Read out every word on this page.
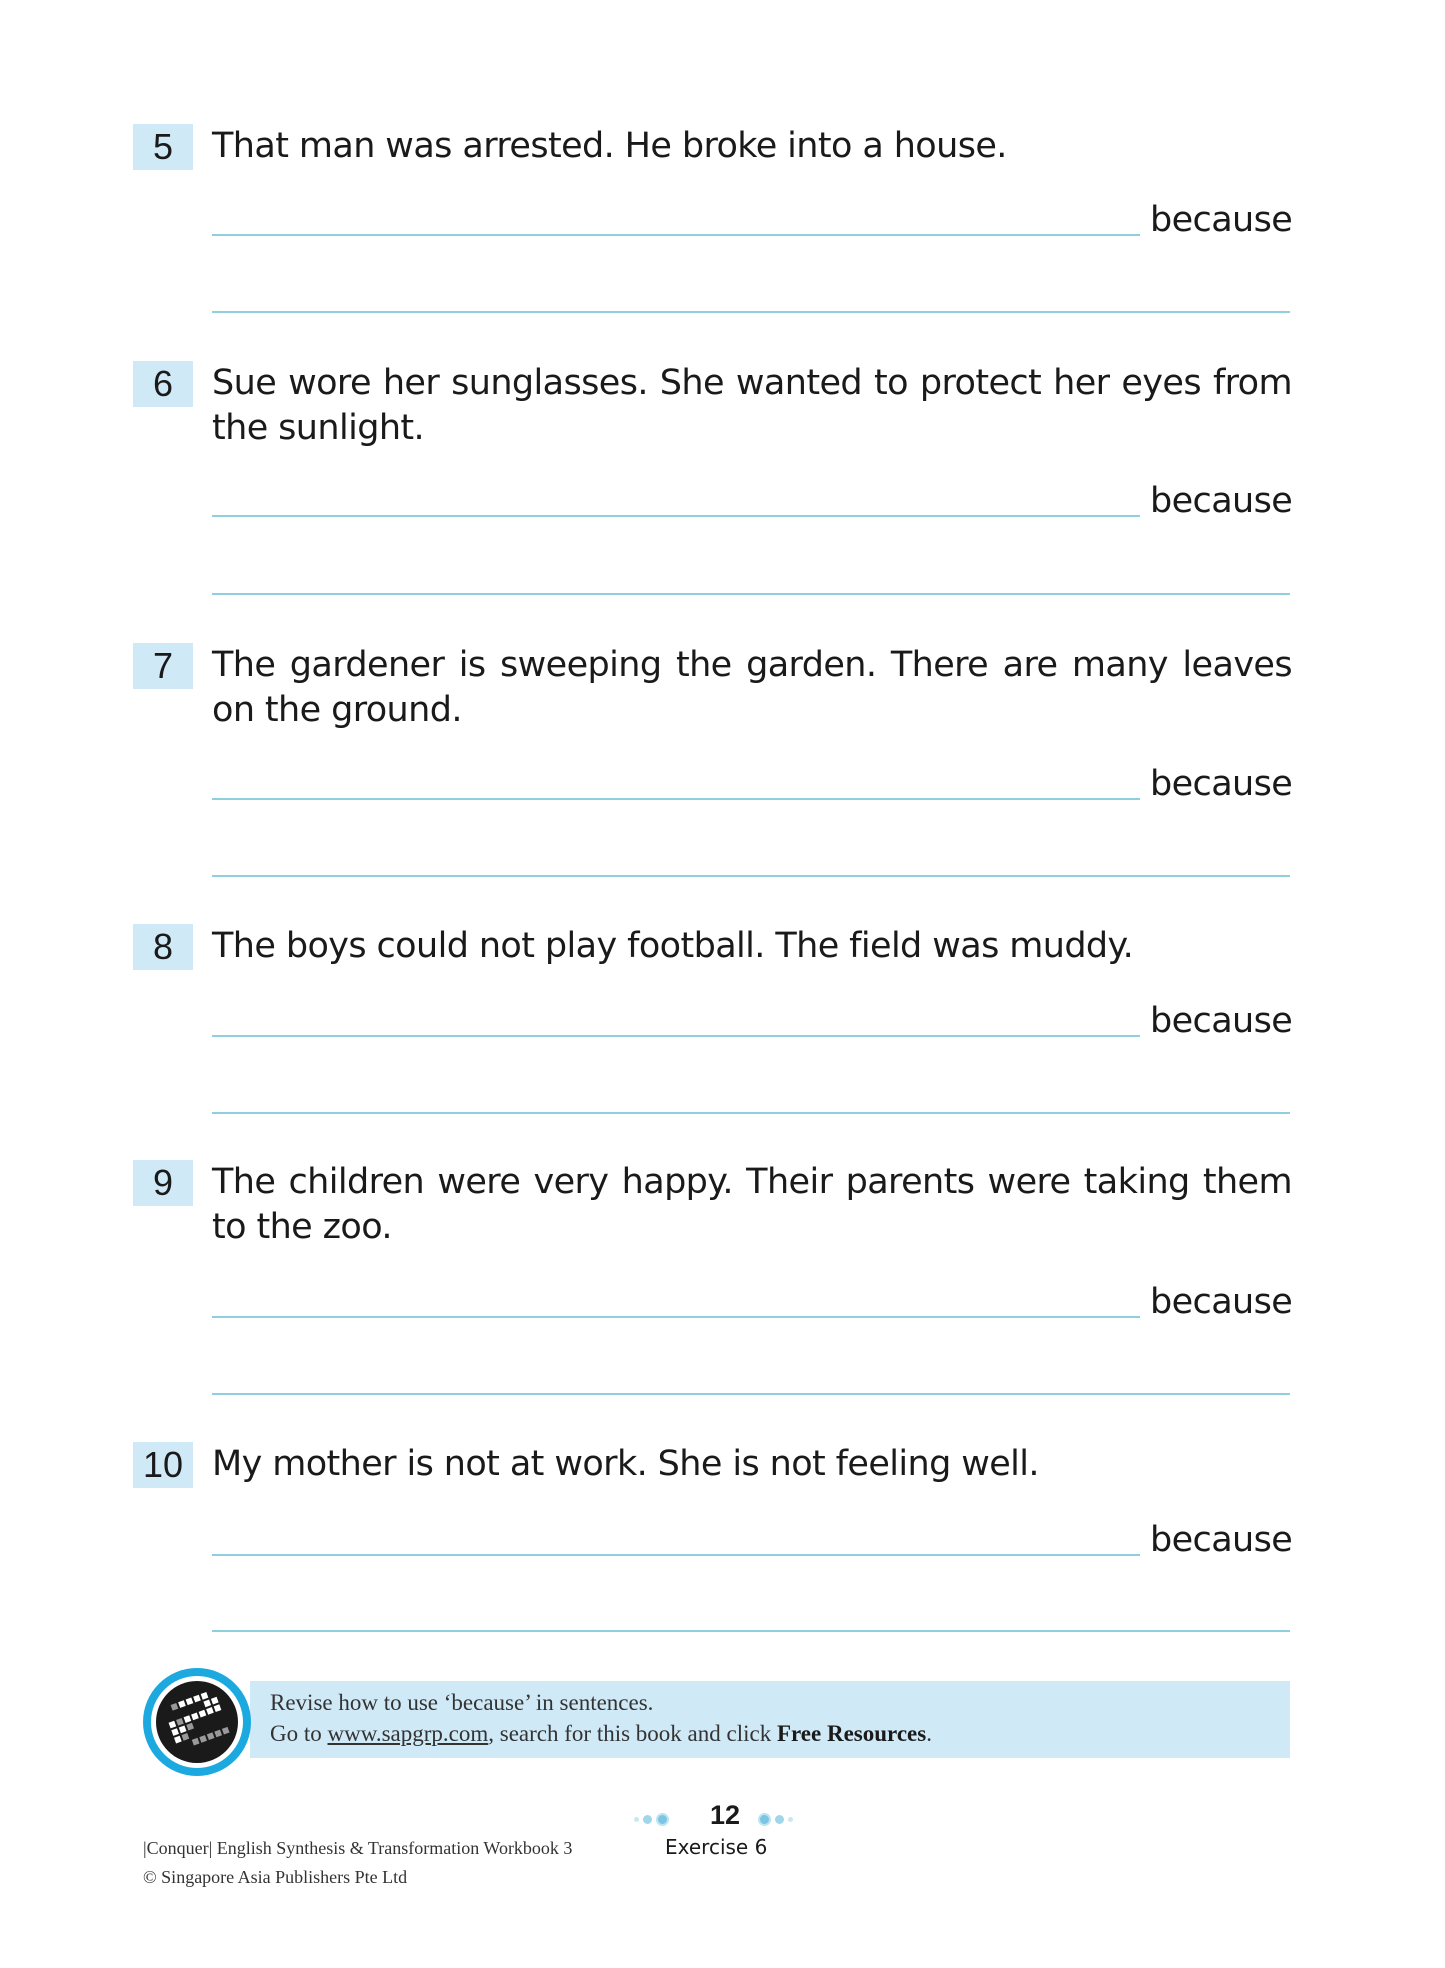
5	That man was arrested. He broke into a house.
because
6	Sue wore her sunglasses. She wanted to protect her eyes from the sunlight.
because
7	The gardener is sweeping the garden. There are many leaves on the ground.
because
8	The boys could not play football. The field was muddy.
because
9	The children were very happy. Their parents were taking them to the zoo.
because
10 My mother is not at work. She is not feeling well.
because
Revise how to use ‘because’ in sentences.
Go to www.sapgrp.com, search for this book and click Free Resources.
12
Exercise 6
|Conquer| English Synthesis & Transformation Workbook 3
© Singapore Asia Publishers Pte Ltd
